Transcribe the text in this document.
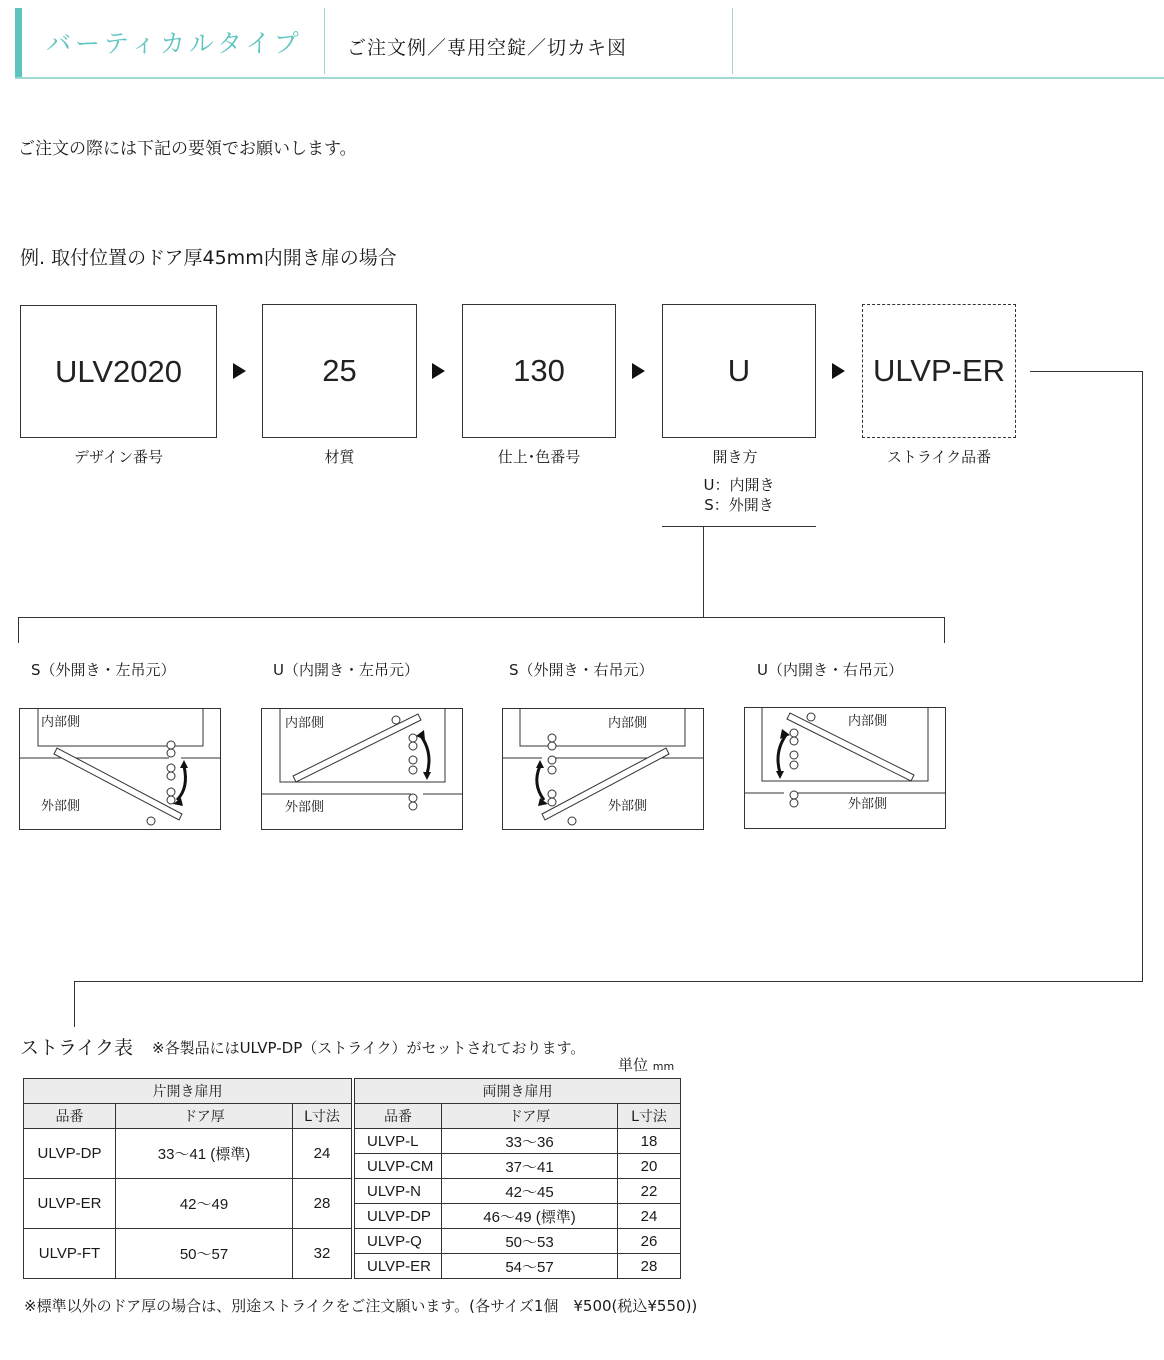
バーティカルタイプ ご注文例／専用空錠／切カキ図
ご注文の際には下記の要領でお願いします。
例. 取付位置のドア厚45mm内開き扉の場合
ULV2020	25	130	U	ULVP-ER
デザイン番号	材質	仕上･色番号	開き方	ストライク品番
U：内開き
S：外開き
S（外開き・左吊元）	U（内開き・左吊元）	S（外開き・右吊元）	U（内開き・右吊元）
内部側
外部側
内部側
外部側
内部側
外部側
内部側
外部側
ストライク表 ※各製品にはULVP-DP（ストライク）がセットされております。
単位 mm
片開き扉用		
品番	ドア厚	L寸法
ULVP-DP	33〜41 (標準)	24
ULVP-ER	42〜49	28
ULVP-FT	50〜57	32
両開き扉用		
品番	ドア厚	L寸法
ULVP-L	33〜36	18
ULVP-CM	37〜41	20
ULVP-N	42〜45	22
ULVP-DP	46〜49 (標準)	24
ULVP-Q	50〜53	26
ULVP-ER	54〜57	28
※標準以外のドア厚の場合は、別途ストライクをご注文願います。(各サイズ1個　¥500(税込¥550))
